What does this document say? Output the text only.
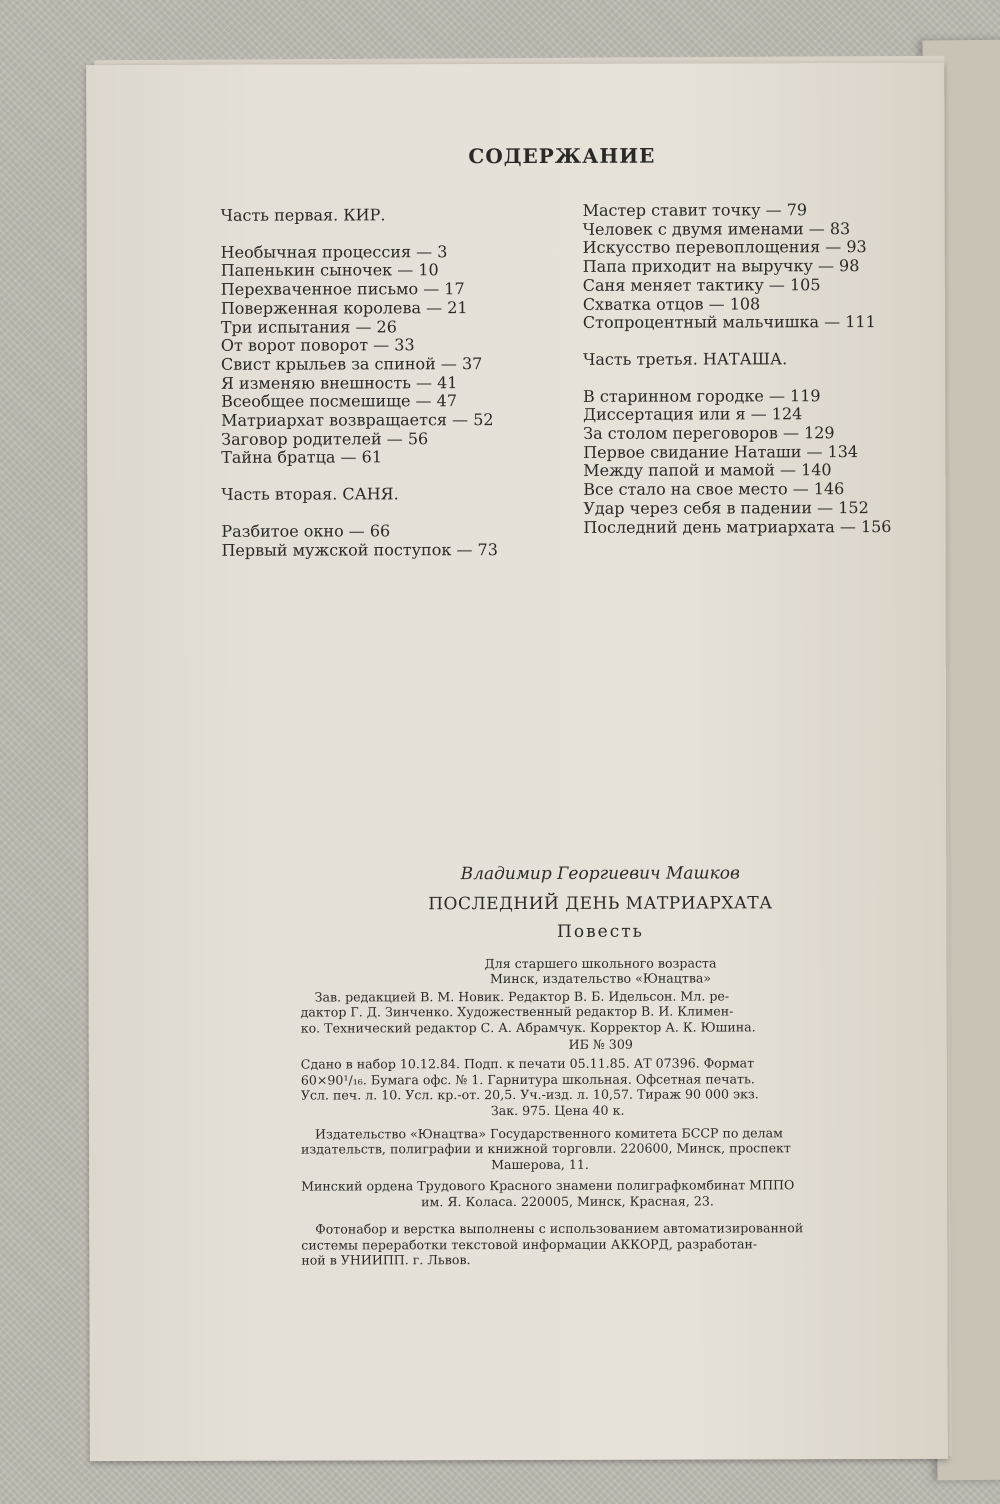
СОДЕРЖАНИЕ
Часть первая. КИР.
Необычная процессия — 3
Папенькин сыночек — 10
Перехваченное письмо — 17
Поверженная королева — 21
Три испытания — 26
От ворот поворот — 33
Свист крыльев за спиной — 37
Я изменяю внешность — 41
Всеобщее посмешище — 47
Матриархат возвращается — 52
Заговор родителей — 56
Тайна братца — 61
Часть вторая. САНЯ.
Разбитое окно — 66
Первый мужской поступок — 73
Мастер ставит точку — 79
Человек с двумя именами — 83
Искусство перевоплощения — 93
Папа приходит на выручку — 98
Саня меняет тактику — 105
Схватка отцов — 108
Стопроцентный мальчишка — 111
Часть третья. НАТАША.
В старинном городке — 119
Диссертация или я — 124
За столом переговоров — 129
Первое свидание Наташи — 134
Между папой и мамой — 140
Все стало на свое место — 146
Удар через себя в падении — 152
Последний день матриархата — 156
Владимир Георгиевич Машков
ПОСЛЕДНИЙ ДЕНЬ МАТРИАРХАТА
Повесть
Для старшего школьного возраста
Минск, издательство «Юнацтва»
Зав. редакцией В. М. Новик. Редактор В. Б. Идельсон. Мл. ре-
дактор Г. Д. Зинченко. Художественный редактор В. И. Климен-
ко. Технический редактор С. А. Абрамчук. Корректор А. К. Юшина.
ИБ № 309
Сдано в набор 10.12.84. Подп. к печати 05.11.85. АТ 07396. Формат
60×90¹/₁₆. Бумага офс. № 1. Гарнитура школьная. Офсетная печать.
Усл. печ. л. 10. Усл. кр.-от. 20,5. Уч.-изд. л. 10,57. Тираж 90 000 экз.
Зак. 975. Цена 40 к.
Издательство «Юнацтва» Государственного комитета БССР по делам
издательств, полиграфии и книжной торговли. 220600, Минск, проспект
Машерова, 11.
Минский ордена Трудового Красного знамени полиграфкомбинат МППО
им. Я. Коласа. 220005, Минск, Красная, 23.
Фотонабор и верстка выполнены с использованием автоматизированной
системы переработки текстовой информации АККОРД, разработан-
ной в УНИИПП. г. Львов.
